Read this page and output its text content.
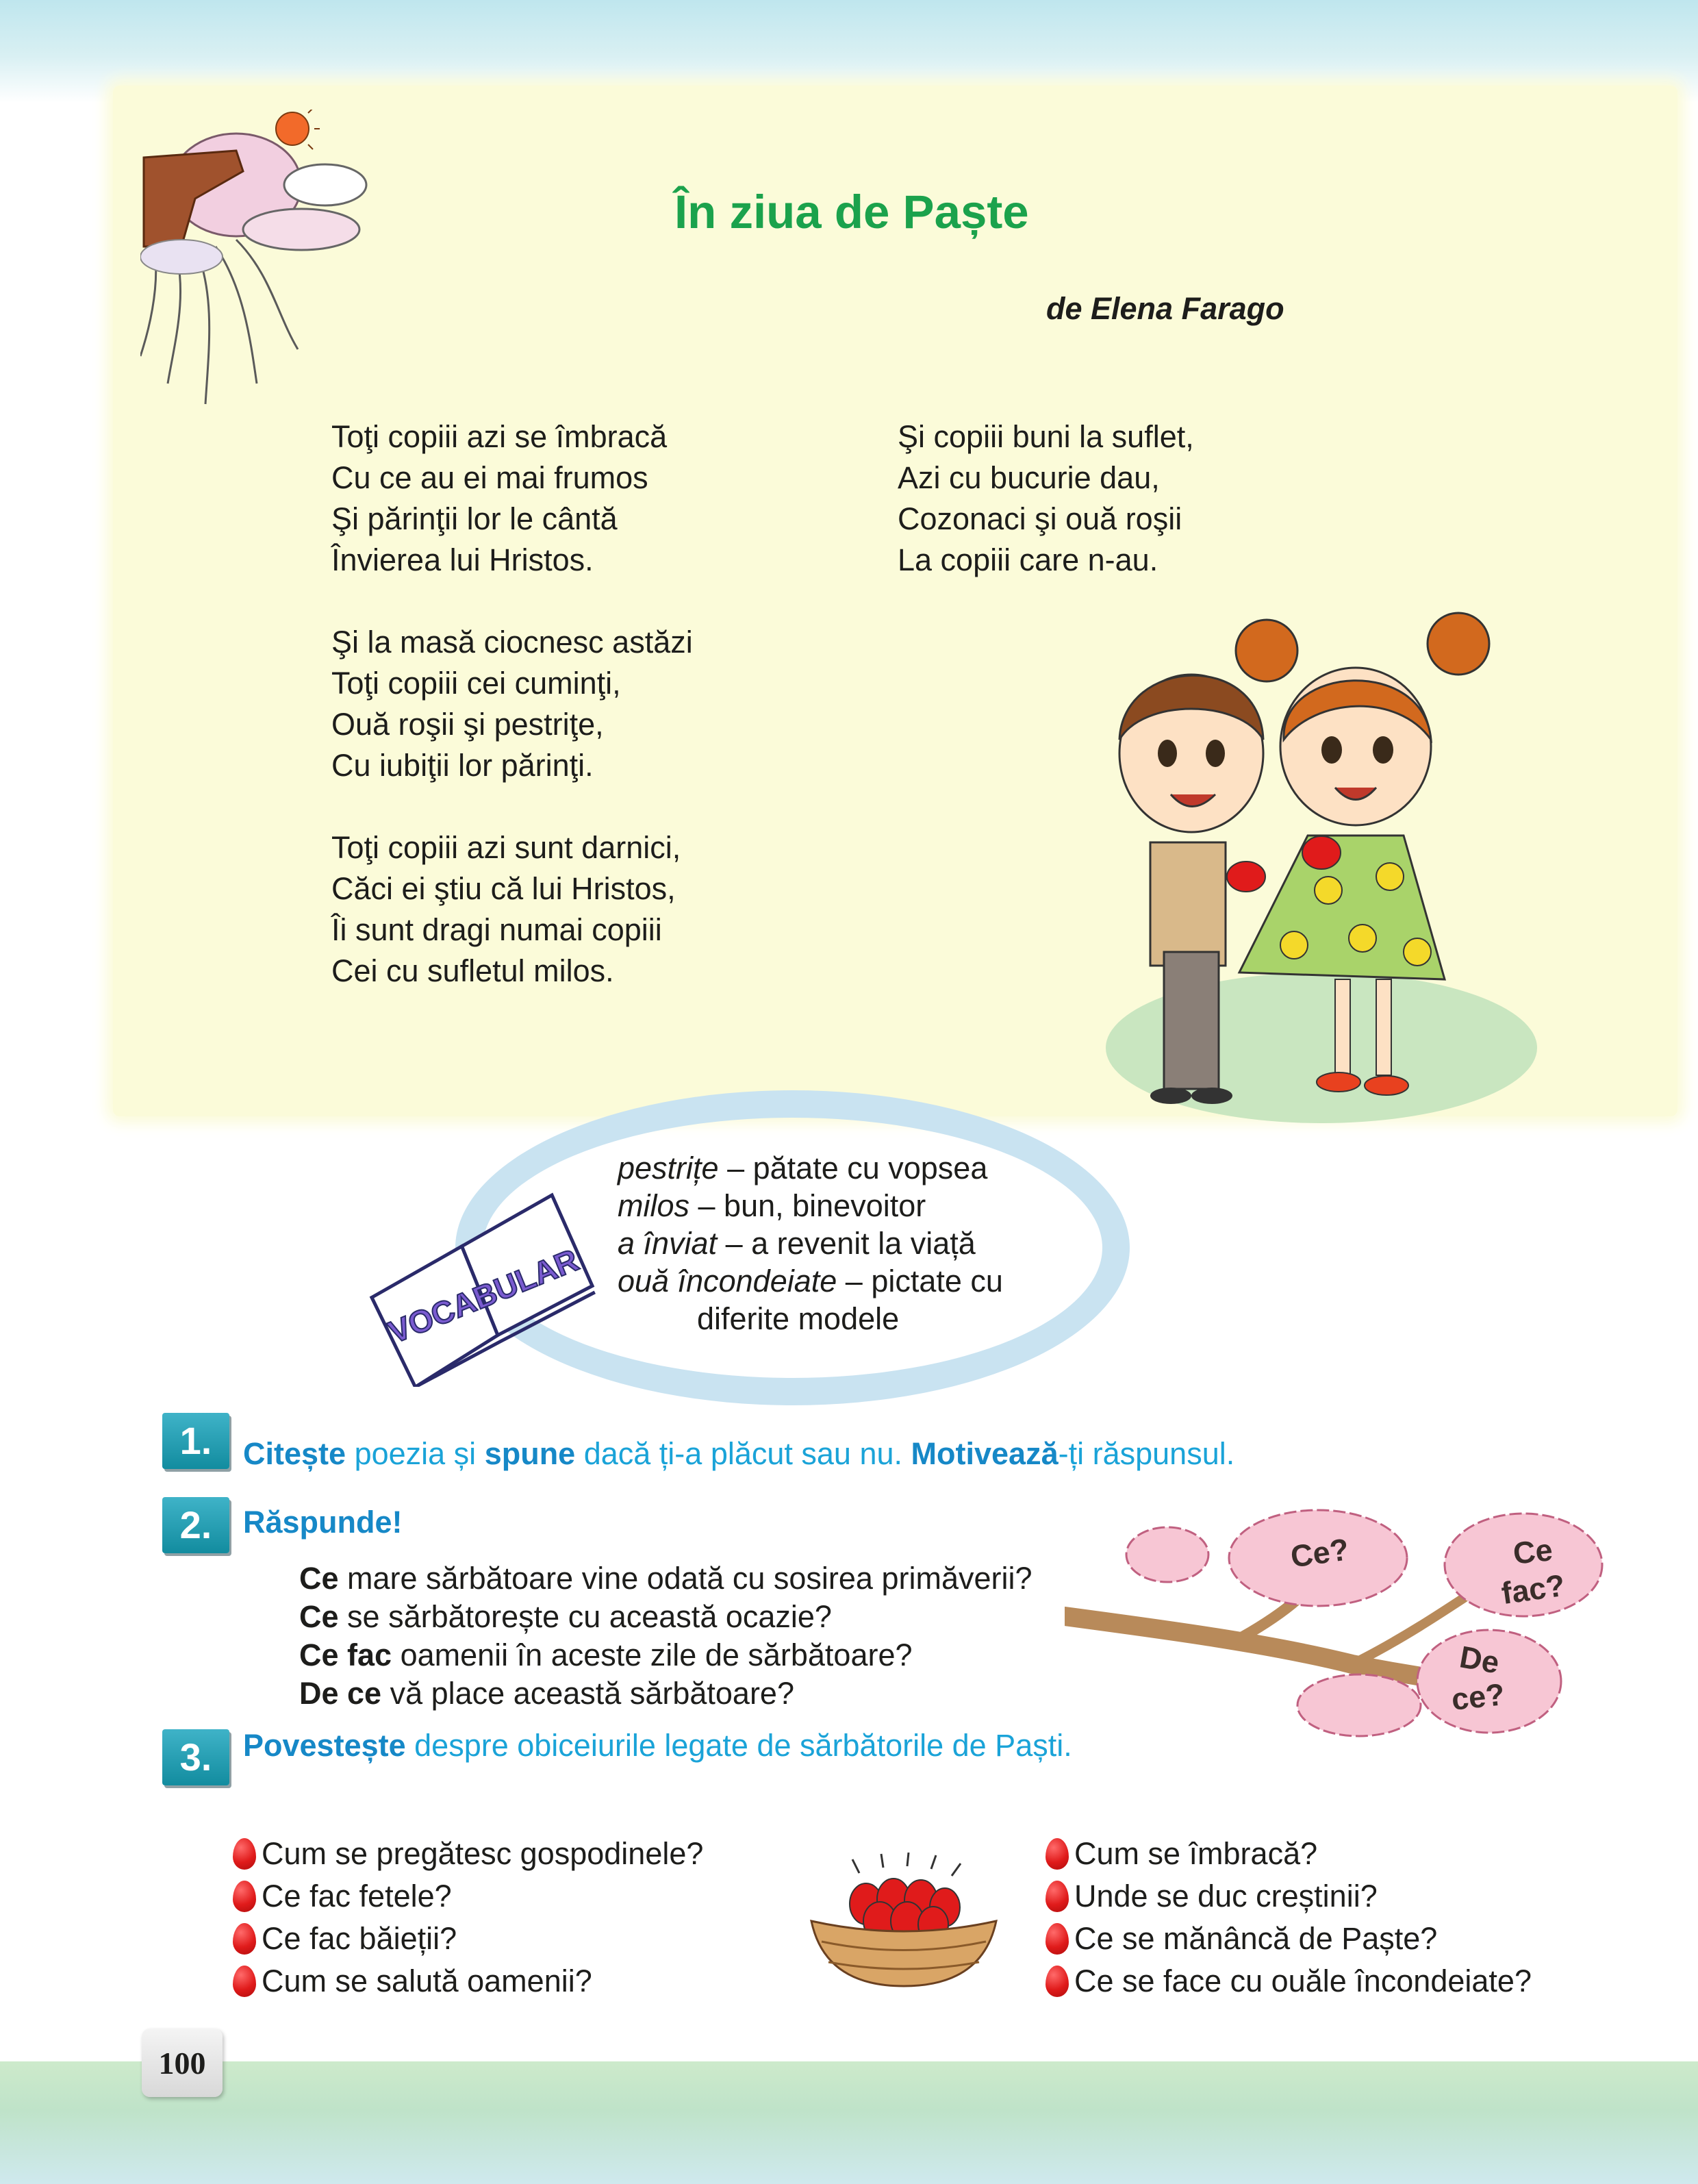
În ziua de Paște
de Elena Farago
Toţi copiii azi se îmbracă
Cu ce au ei mai frumos
Şi părinţii lor le cântă
Învierea lui Hristos.
Şi la masă ciocnesc astăzi
Toţi copiii cei cuminţi,
Ouă roşii şi pestriţe,
Cu iubiţii lor părinţi.
Toţi copiii azi sunt darnici,
Căci ei ştiu că lui Hristos,
Îi sunt dragi numai copiii
Cei cu sufletul milos.
Şi copiii buni la suflet,
Azi cu bucurie dau,
Cozonaci şi ouă roşii
La copiii care n-au.
VOCABULAR
pestrițe – pătate cu vopsea
milos – bun, binevoitor
a înviat – a revenit la viață
ouă încondeiate – pictate cu
diferite modele
1.	Citește poezia și spune dacă ți-a plăcut sau nu. Motivează-ți răspunsul.
2.	Răspunde!
Ce mare sărbătoare vine odată cu sosirea primăverii?
Ce se sărbătorește cu această ocazie?
Ce fac oamenii în aceste zile de sărbătoare?
De ce vă place această sărbătoare?
Ce?	Ce
fac?
De
ce?
3.	Povestește despre obiceiurile legate de sărbătorile de Paști.
Cum se pregătesc gospodinele?
Ce fac fetele?
Ce fac băieții?
Cum se salută oamenii?
Cum se îmbracă?
Unde se duc creștinii?
Ce se mănâncă de Paște?
Ce se face cu ouăle încondeiate?
100
